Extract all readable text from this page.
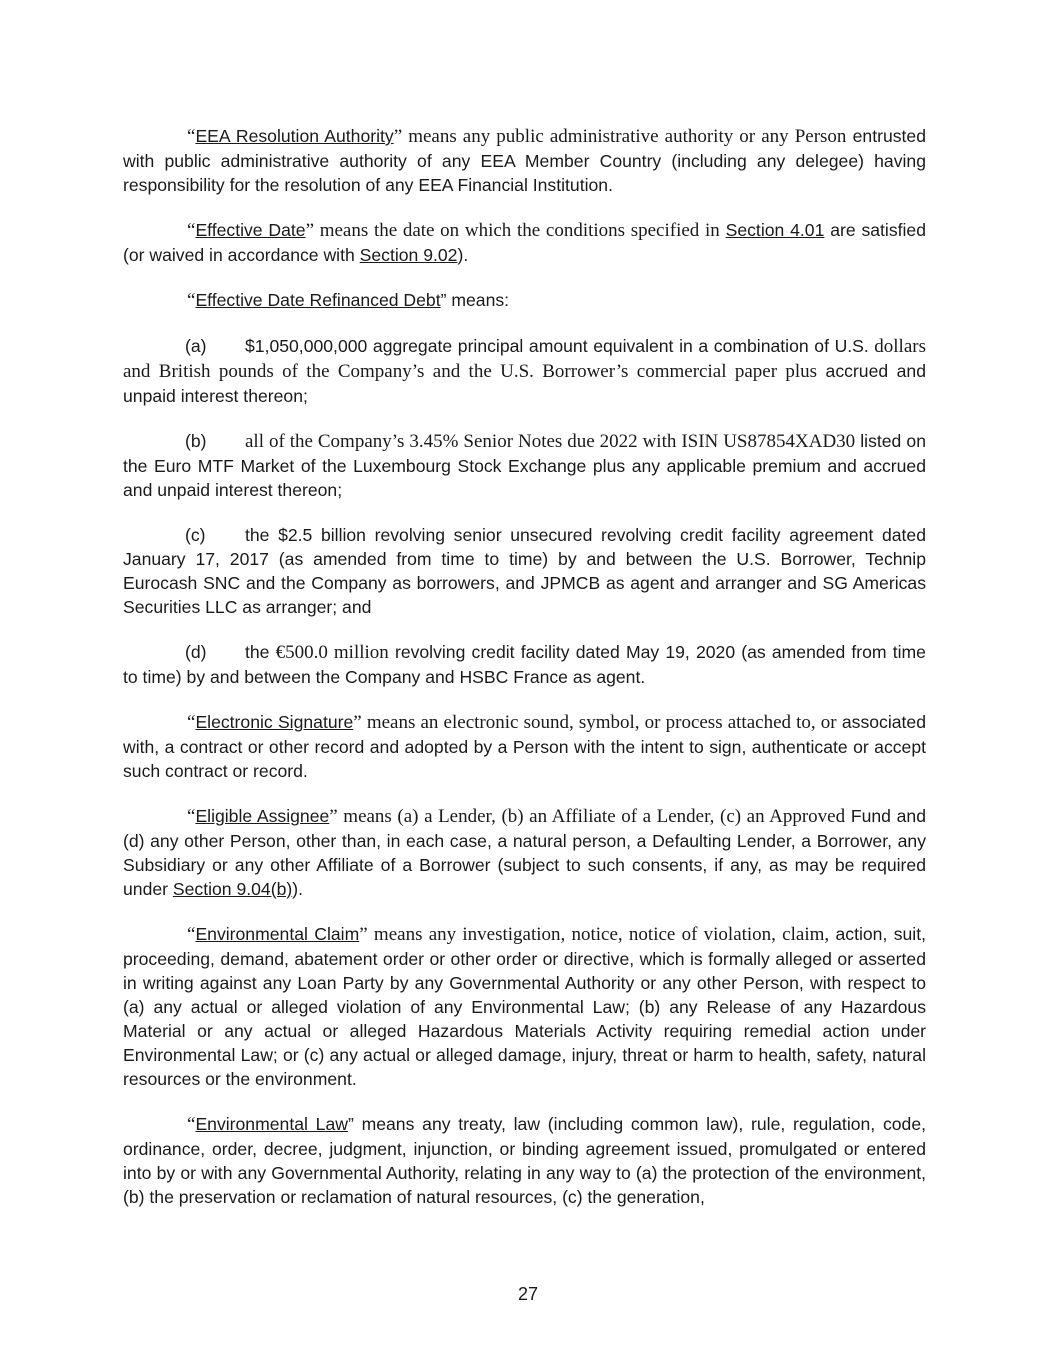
“EEA Resolution Authority” means any public administrative authority or any Person entrusted with public administrative authority of any EEA Member Country (including any delegee) having responsibility for the resolution of any EEA Financial Institution.

“Effective Date” means the date on which the conditions specified in Section 4.01 are satisfied (or waived in accordance with Section 9.02).

“Effective Date Refinanced Debt” means:

(a) $1,050,000,000 aggregate principal amount equivalent in a combination of U.S. dollars and British pounds of the Company’s and the U.S. Borrower’s commercial paper plus accrued and unpaid interest thereon;

(b) all of the Company’s 3.45% Senior Notes due 2022 with ISIN US87854XAD30 listed on the Euro MTF Market of the Luxembourg Stock Exchange plus any applicable premium and accrued and unpaid interest thereon;

(c) the $2.5 billion revolving senior unsecured revolving credit facility agreement dated January 17, 2017 (as amended from time to time) by and between the U.S. Borrower, Technip Eurocash SNC and the Company as borrowers, and JPMCB as agent and arranger and SG Americas Securities LLC as arranger; and

(d) the €500.0 million revolving credit facility dated May 19, 2020 (as amended from time to time) by and between the Company and HSBC France as agent.

“Electronic Signature” means an electronic sound, symbol, or process attached to, or associated with, a contract or other record and adopted by a Person with the intent to sign, authenticate or accept such contract or record.

“Eligible Assignee” means (a) a Lender, (b) an Affiliate of a Lender, (c) an Approved Fund and (d) any other Person, other than, in each case, a natural person, a Defaulting Lender, a Borrower, any Subsidiary or any other Affiliate of a Borrower (subject to such consents, if any, as may be required under Section 9.04(b)).

“Environmental Claim” means any investigation, notice, notice of violation, claim, action, suit, proceeding, demand, abatement order or other order or directive, which is formally alleged or asserted in writing against any Loan Party by any Governmental Authority or any other Person, with respect to (a) any actual or alleged violation of any Environmental Law; (b) any Release of any Hazardous Material or any actual or alleged Hazardous Materials Activity requiring remedial action under Environmental Law; or (c) any actual or alleged damage, injury, threat or harm to health, safety, natural resources or the environment.

“Environmental Law” means any treaty, law (including common law), rule, regulation, code, ordinance, order, decree, judgment, injunction, or binding agreement issued, promulgated or entered into by or with any Governmental Authority, relating in any way to (a) the protection of the environment, (b) the preservation or reclamation of natural resources, (c) the generation,

27
